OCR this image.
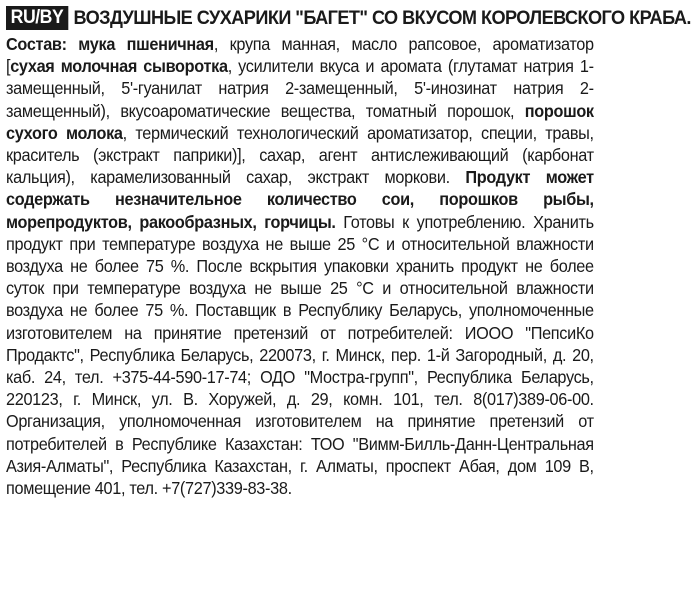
RU/BY ВОЗДУШНЫЕ СУХАРИКИ "БАГЕТ" СО ВКУСОМ КОРОЛЕВСКОГО КРАБА.
Состав: мука пшеничная, крупа манная, масло рапсовое, ароматизатор [сухая молочная сыворотка, усилители вкуса и аромата (глутамат натрия 1-замещенный, 5'-гуанилат натрия 2-замещенный, 5'-инозинат натрия 2-замещенный), вкусоароматические вещества, томатный порошок, порошок сухого молока, термический технологический ароматизатор, специи, травы, краситель (экстракт паприки)], сахар, агент антислеживающий (карбонат кальция), карамелизованный сахар, экстракт моркови. Продукт может содержать незначительное количество сои, порошков рыбы, морепродуктов, ракообразных, горчицы. Готовы к употреблению. Хранить продукт при температуре воздуха не выше 25 °С и относительной влажности воздуха не более 75 %. После вскрытия упаковки хранить продукт не более суток при температуре воздуха не выше 25 °С и относительной влажности воздуха не более 75 %. Поставщик в Республику Беларусь, уполномоченные изготовителем на принятие претензий от потребителей: ИООО "ПепсиКо Продактс", Республика Беларусь, 220073, г. Минск, пер. 1-й Загородный, д. 20, каб. 24, тел. +375-44-590-17-74; ОДО "Мостра-групп", Республика Беларусь, 220123, г. Минск, ул. В. Хоружей, д. 29, комн. 101, тел. 8(017)389-06-00. Организация, уполномоченная изготовителем на принятие претензий от потребителей в Республике Казахстан: ТОО "Вимм-Билль-Данн-Центральная Азия-Алматы", Республика Казахстан, г. Алматы, проспект Абая, дом 109 В, помещение 401, тел. +7(727)339-83-38.
